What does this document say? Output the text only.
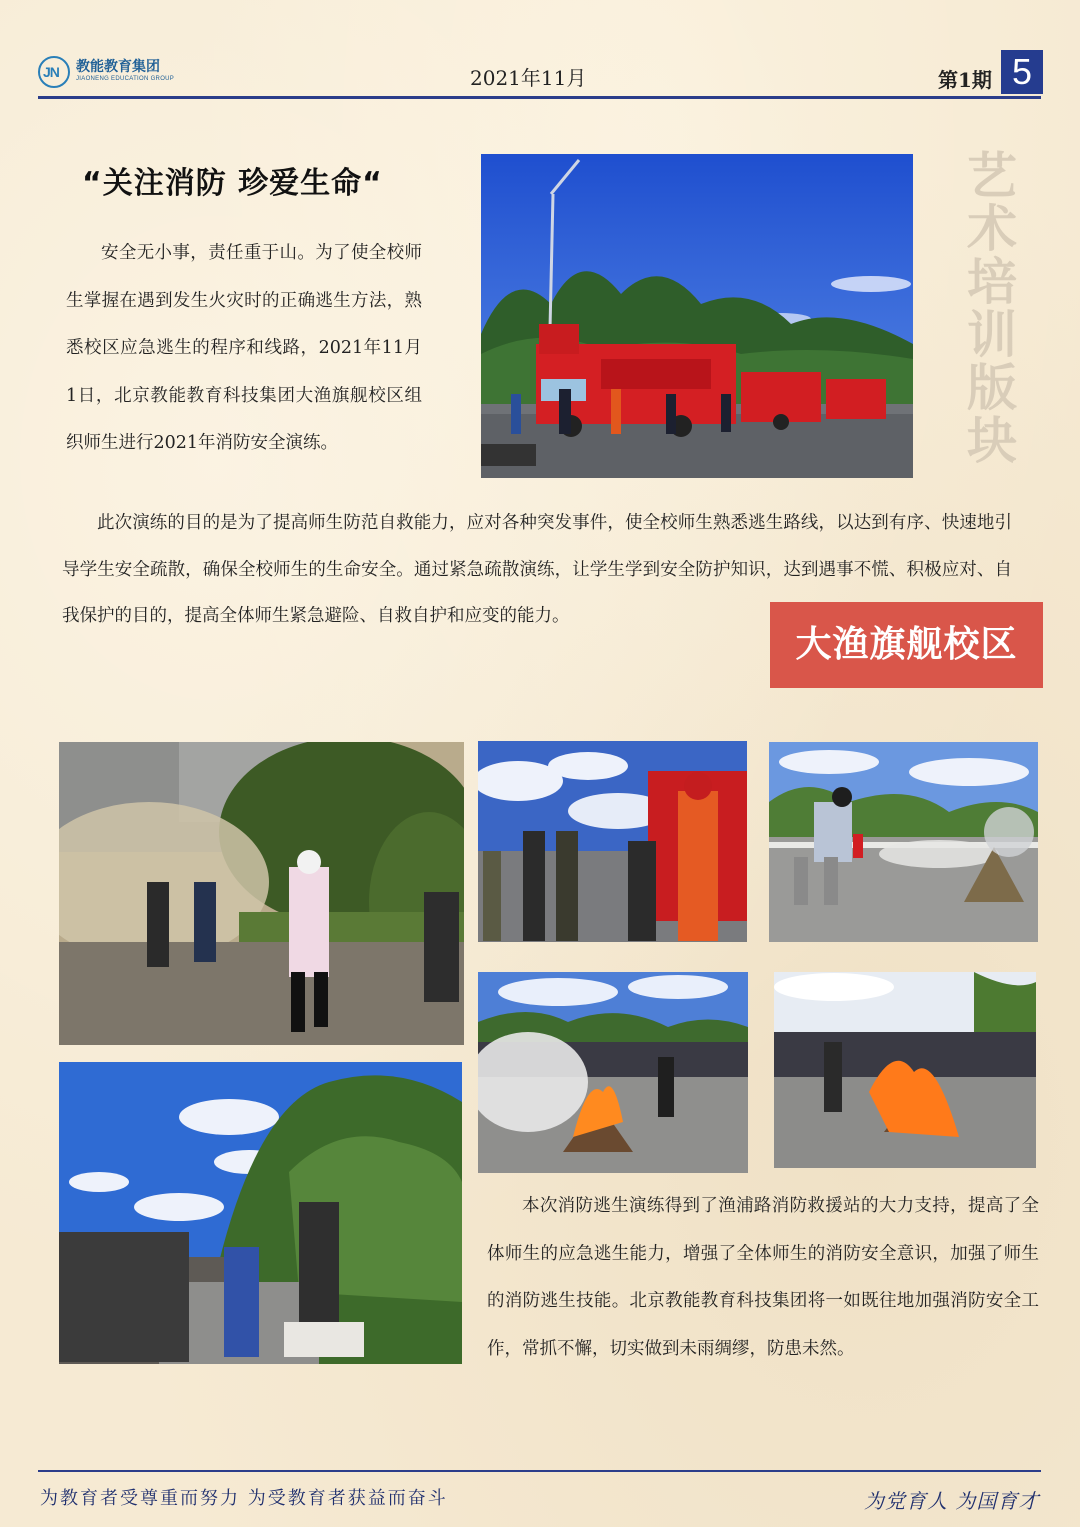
JN 教能教育集团
JIAONENG EDUCATION GROUP	2021年11月	第1期 5
“关注消防 珍爱生命“
安全无小事，责任重于山。为了使全校师生掌握在遇到发生火灾时的正确逃生方法，熟悉校区应急逃生的程序和线路，2021年11月1日，北京教能教育科技集团大渔旗舰校区组织师生进行2021年消防安全演练。
艺
术
培
训
版
块
此次演练的目的是为了提高师生防范自救能力，应对各种突发事件，使全校师生熟悉逃生路线，以达到有序、快速地引导学生安全疏散，确保全校师生的生命安全。通过紧急疏散演练，让学生学到安全防护知识，达到遇事不慌、积极应对、自我保护的目的，提高全体师生紧急避险、自救自护和应变的能力。
大渔旗舰校区
本次消防逃生演练得到了渔浦路消防救援站的大力支持，提高了全体师生的应急逃生能力，增强了全体师生的消防安全意识，加强了师生的消防逃生技能。北京教能教育科技集团将一如既往地加强消防安全工作，常抓不懈，切实做到未雨绸缪，防患未然。
为教育者受尊重而努力 为受教育者获益而奋斗	为党育人 为国育才
